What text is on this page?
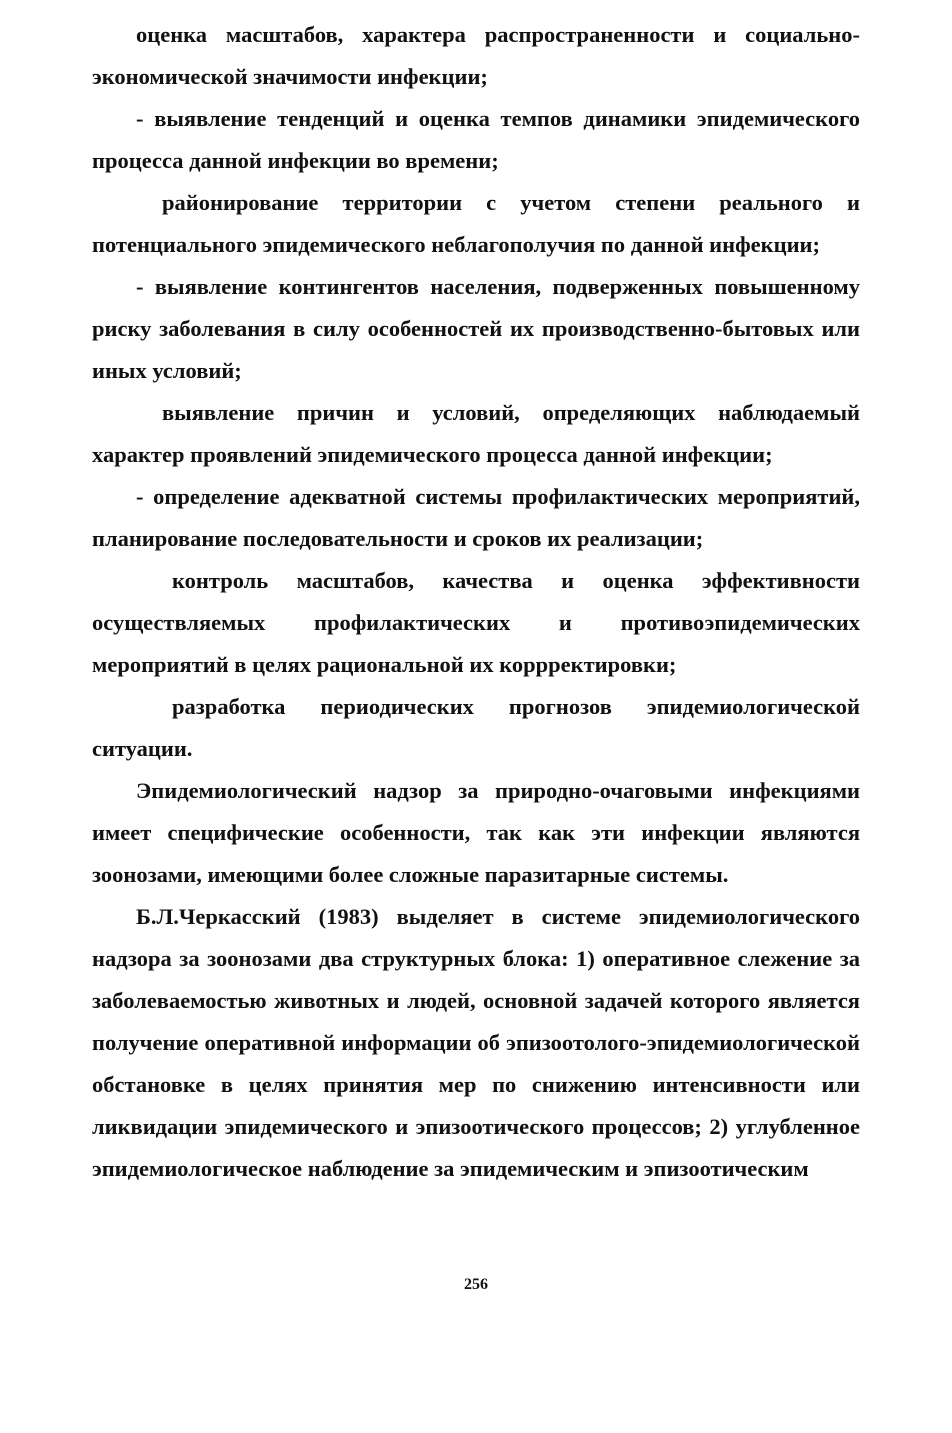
оценка масштабов, характера распространенности и социально-экономической значимости инфекции;

- выявление тенденций и оценка темпов динамики эпидемического процесса данной инфекции во времени;

районирование территории с учетом степени реального и потенциального эпидемического неблагополучия по данной инфекции;

- выявление контингентов населения, подверженных повышенному риску заболевания в силу особенностей их производственно-бытовых или иных условий;

выявление причин и условий, определяющих наблюдаемый характер проявлений эпидемического процесса данной инфекции;

- определение адекватной системы профилактических мероприятий, планирование последовательности и сроков их реализации;

контроль масштабов, качества и оценка эффективности осуществляемых профилактических и противоэпидемических мероприятий в целях рациональной их коррректировки;

разработка периодических прогнозов эпидемиологической ситуации.

Эпидемиологический надзор за природно-очаговыми инфекциями имеет специфические особенности, так как эти инфекции являются зоонозами, имеющими более сложные паразитарные системы.

Б.Л.Черкасский (1983) выделяет в системе эпидемиологического надзора за зоонозами два структурных блока: 1) оперативное слежение за заболеваемостью животных и людей, основной задачей которого является получение оперативной информации об эпизоотолого-эпидемиологической обстановке в целях принятия мер по снижению интенсивности или ликвидации эпидемического и эпизоотического процессов; 2) углубленное эпидемиологическое наблюдение за эпидемическим и эпизоотическим

256
